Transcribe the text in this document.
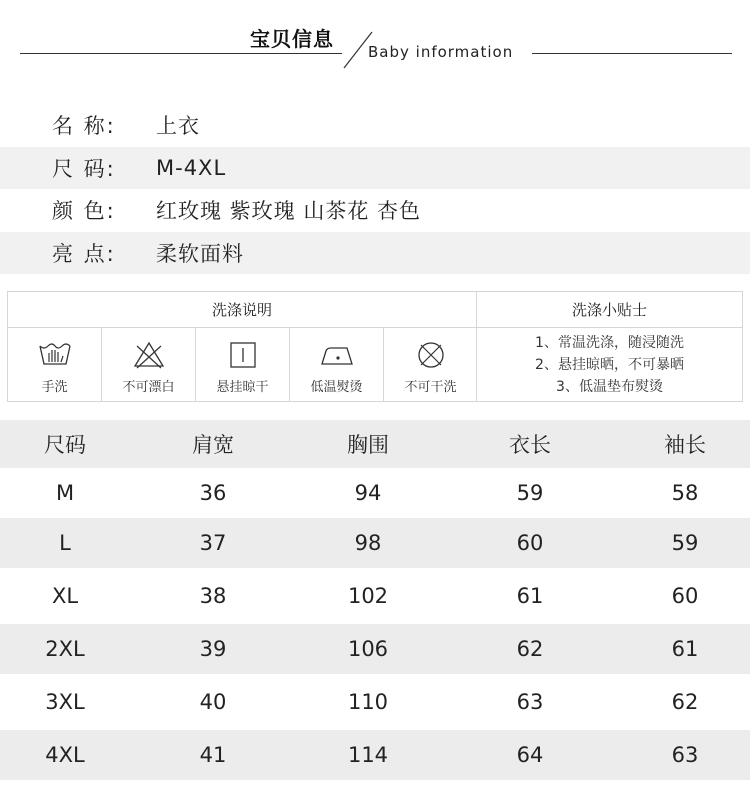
宝贝信息
Baby information
名 称:	上衣
尺 码:	M-4XL
颜 色:	红玫瑰 紫玫瑰 山茶花 杏色
亮 点:	柔软面料
洗涤说明	洗涤小贴士
手洗	不可漂白	悬挂晾干	低温熨烫	不可干洗
1、常温洗涤，随浸随洗
2、悬挂晾晒，不可暴晒
3、低温垫布熨烫
尺码	肩宽	胸围	衣长	袖长
M	36	94	59	58
L	37	98	60	59
XL	38	102	61	60
2XL	39	106	62	61
3XL	40	110	63	62
4XL	41	114	64	63
